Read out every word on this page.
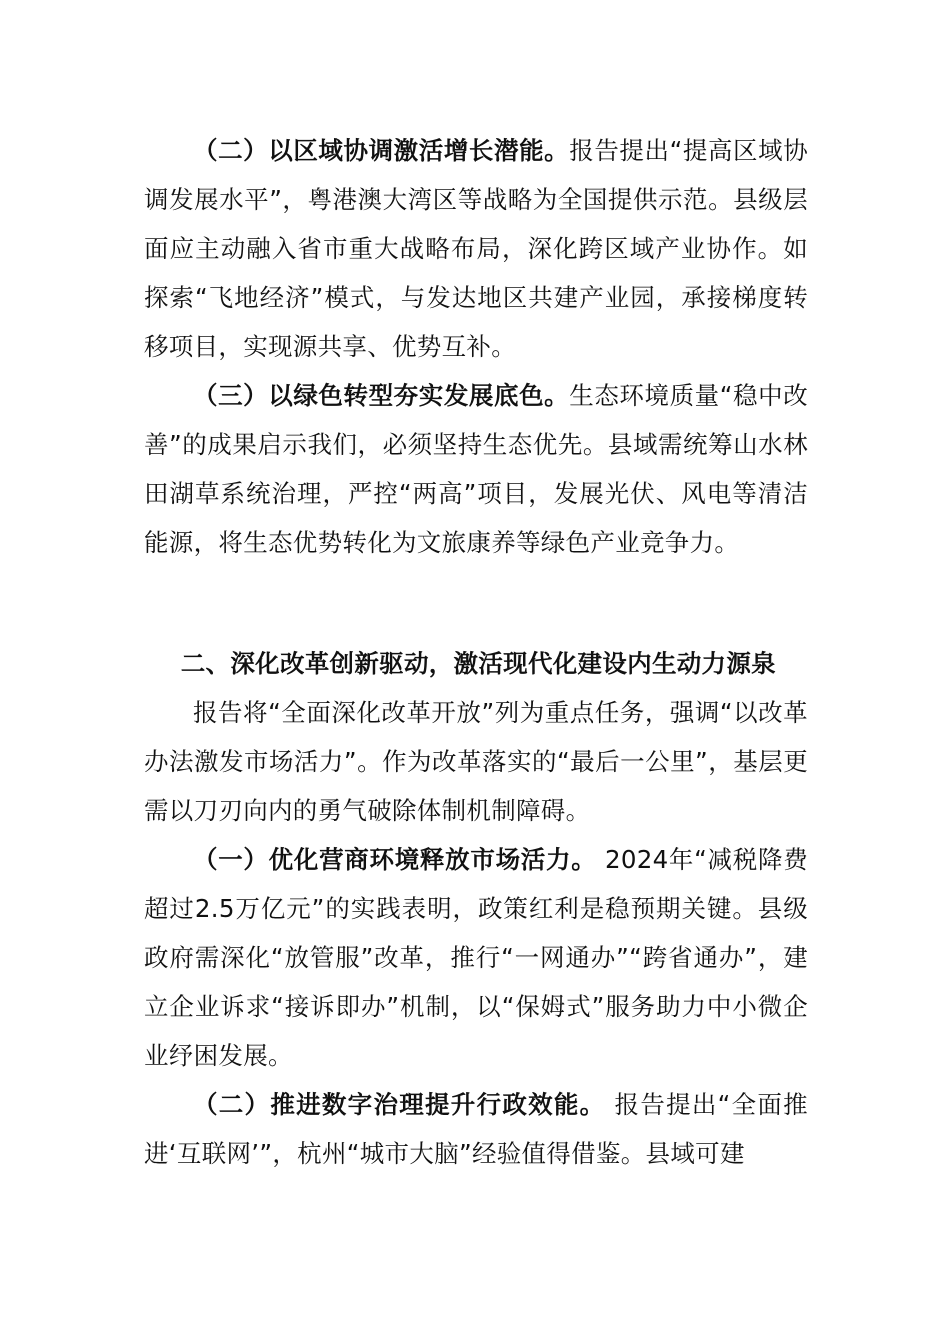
（二）以区域协调激活增长潜能。报告提出“提高区域协调发展水平”，粤港澳大湾区等战略为全国提供示范。县级层面应主动融入省市重大战略布局，深化跨区域产业协作。如探索“飞地经济”模式，与发达地区共建产业园，承接梯度转移项目，实现源共享、优势互补。

（三）以绿色转型夯实发展底色。生态环境质量“稳中改善”的成果启示我们，必须坚持生态优先。县域需统筹山水林田湖草系统治理，严控“两高”项目，发展光伏、风电等清洁能源，将生态优势转化为文旅康养等绿色产业竞争力。

二、深化改革创新驱动，激活现代化建设内生动力源泉

报告将“全面深化改革开放”列为重点任务，强调“以改革办法激发市场活力”。作为改革落实的“最后一公里”，基层更需以刀刃向内的勇气破除体制机制障碍。

（一）优化营商环境释放市场活力。 2024年“减税降费超过2.5万亿元”的实践表明，政策红利是稳预期关键。县级政府需深化“放管服”改革，推行“一网通办”“跨省通办”，建立企业诉求“接诉即办”机制，以“保姆式”服务助力中小微企业纾困发展。

（二）推进数字治理提升行政效能。 报告提出“全面推进‘互联网’”，杭州“城市大脑”经验值得借鉴。县域可建
